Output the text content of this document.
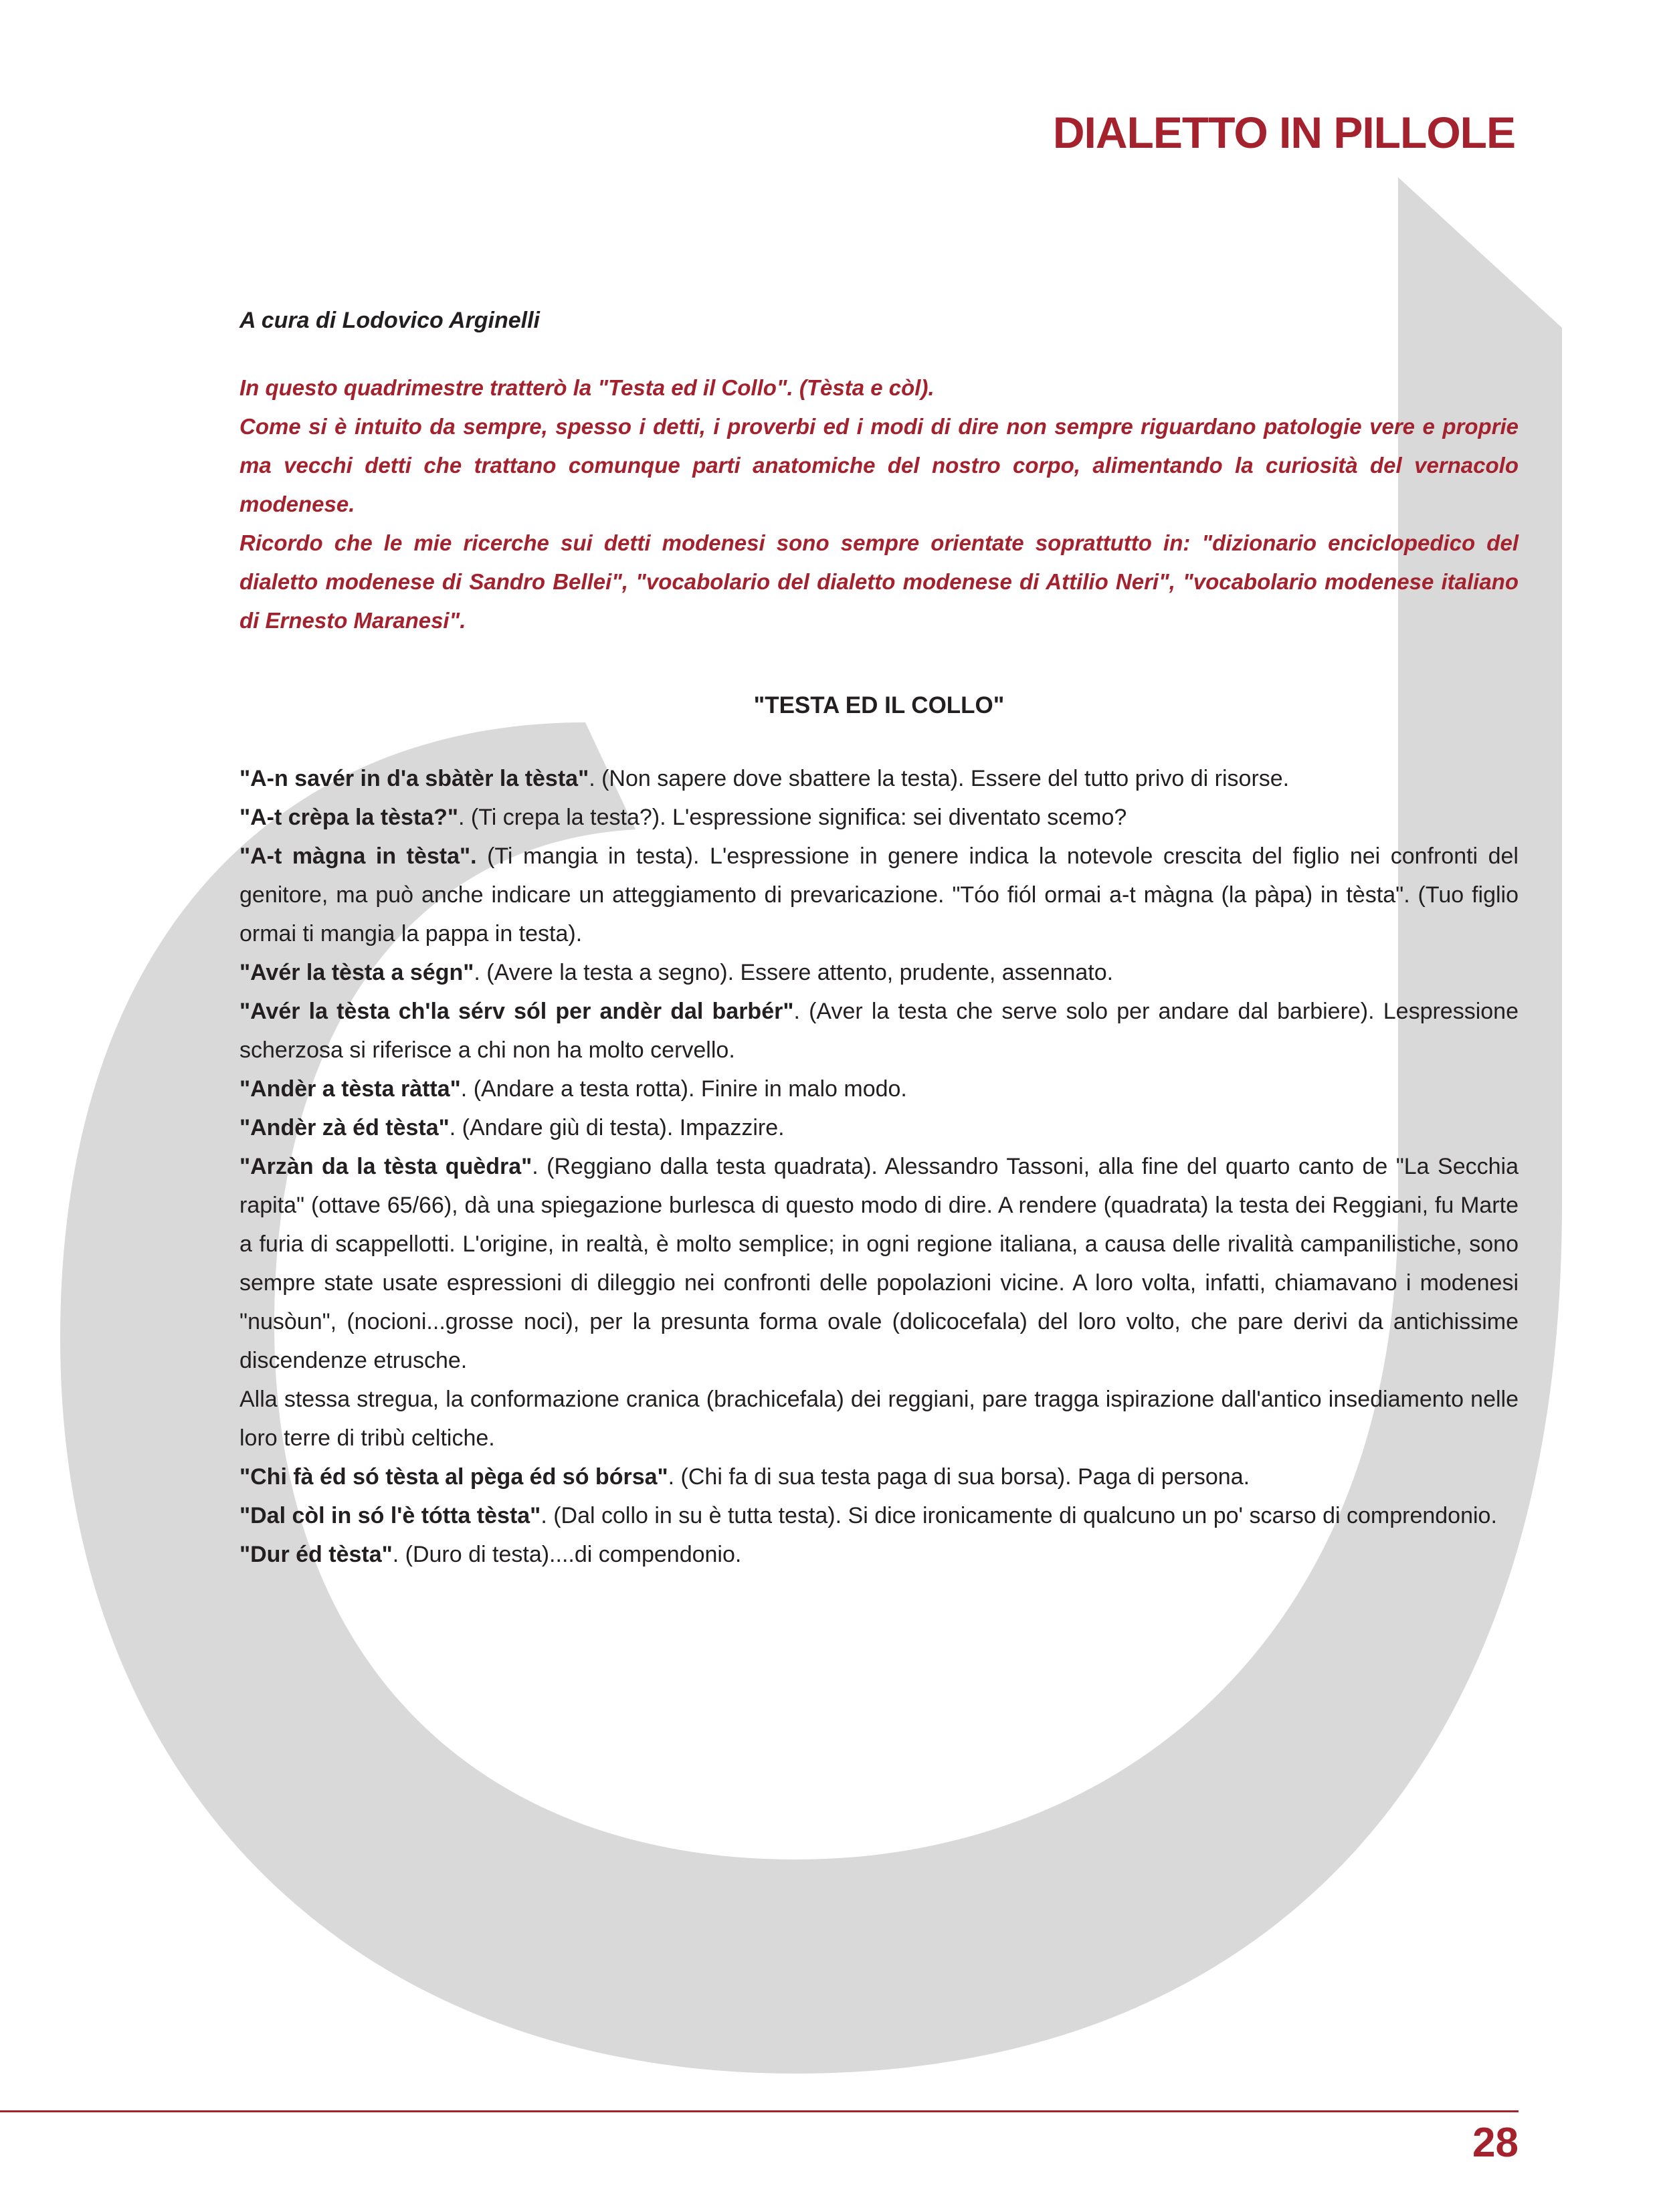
DIALETTO IN PILLOLE

A cura di Lodovico Arginelli

In questo quadrimestre tratterò la "Testa ed il Collo". (Tèsta e còl).
Come si è intuito da sempre, spesso i detti, i proverbi ed i modi di dire non sempre riguardano patologie vere e proprie ma vecchi detti che trattano comunque parti anatomiche del nostro corpo, alimentando la curiosità del vernacolo modenese.
Ricordo che le mie ricerche sui detti modenesi sono sempre orientate soprattutto in: "dizionario enciclopedico del dialetto modenese di Sandro Bellei", "vocabolario del dialetto modenese di Attilio Neri", "vocabolario modenese italiano di Ernesto Maranesi".
"TESTA ED IL COLLO"

"A-n savér in d'a sbàtèr la tèsta". (Non sapere dove sbattere la testa). Essere del tutto privo di risorse.

"A-t crèpa la tèsta?". (Ti crepa la testa?). L'espressione significa: sei diventato scemo?

"A-t màgna in tèsta". (Ti mangia in testa). L'espressione in genere indica la notevole crescita del figlio nei confronti del genitore, ma può anche indicare un atteggiamento di prevaricazione. "Tóo fiól ormai a-t màgna (la pàpa) in tèsta". (Tuo figlio ormai ti mangia la pappa in testa).

"Avér la tèsta a ségn". (Avere la testa a segno). Essere attento, prudente, assennato.

"Avér la tèsta ch'la sérv sól per andèr dal barbér". (Aver la testa che serve solo per andare dal barbiere). Lespressione scherzosa si riferisce a chi non ha molto cervello.

"Andèr a tèsta ràtta". (Andare a testa rotta). Finire in malo modo.

"Andèr zà éd tèsta". (Andare giù di testa). Impazzire.

"Arzàn da la tèsta quèdra". (Reggiano dalla testa quadrata). Alessandro Tassoni, alla fine del quarto canto de "La Secchia rapita" (ottave 65/66), dà una spiegazione burlesca di questo modo di dire. A rendere (quadrata) la testa dei Reggiani, fu Marte a furia di scappellotti. L'origine, in realtà, è molto semplice; in ogni regione italiana, a causa delle rivalità campanilistiche, sono sempre state usate espressioni di dileggio nei confronti delle popolazioni vicine. A loro volta, infatti, chiamavano i modenesi "nusòun", (nocioni...grosse noci), per la presunta forma ovale (dolicocefala) del loro volto, che pare derivi da antichissime discendenze etrusche.

Alla stessa stregua, la conformazione cranica (brachicefala) dei reggiani, pare tragga ispirazione dall'antico insediamento nelle loro terre di tribù celtiche.

"Chi fà éd só tèsta al pèga éd só bórsa". (Chi fa di sua testa paga di sua borsa). Paga di persona.

"Dal còl in só l'è tótta tèsta". (Dal collo in su è tutta testa). Si dice ironicamente di qualcuno un po' scarso di comprendonio.

"Dur éd tèsta". (Duro di testa)....di compendonio.

28
